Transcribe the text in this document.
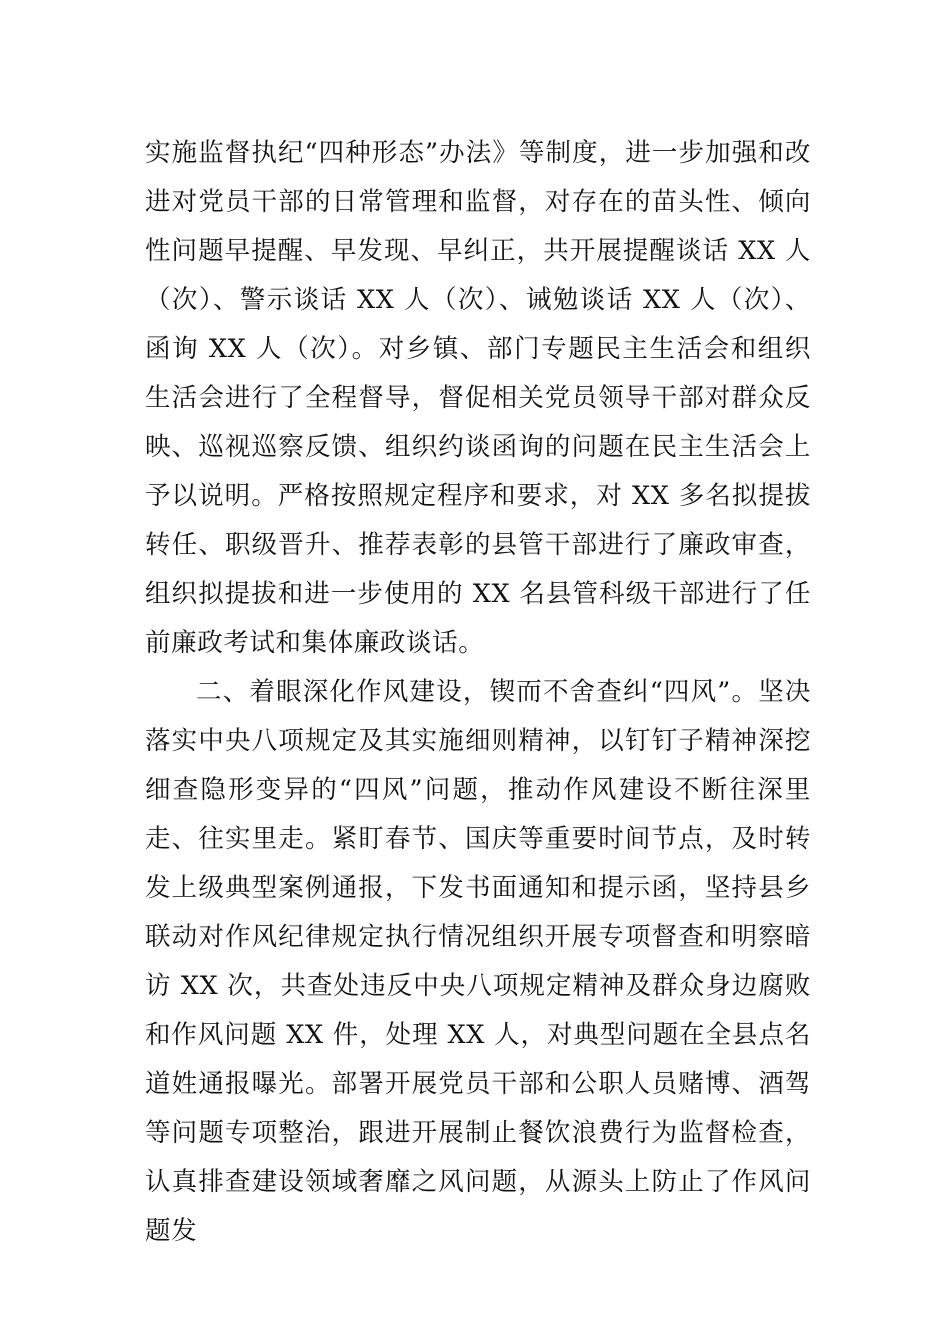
实施监督执纪“四种形态”办法》等制度，进一步加强和改进对党员干部的日常管理和监督，对存在的苗头性、倾向性问题早提醒、早发现、早纠正，共开展提醒谈话 XX 人（次）、警示谈话 XX 人（次）、诫勉谈话 XX 人（次）、函询 XX 人（次）。对乡镇、部门专题民主生活会和组织生活会进行了全程督导，督促相关党员领导干部对群众反映、巡视巡察反馈、组织约谈函询的问题在民主生活会上予以说明。严格按照规定程序和要求，对 XX 多名拟提拔转任、职级晋升、推荐表彰的县管干部进行了廉政审查，组织拟提拔和进一步使用的 XX 名县管科级干部进行了任前廉政考试和集体廉政谈话。

二、着眼深化作风建设，锲而不舍查纠“四风”。坚决落实中央八项规定及其实施细则精神，以钉钉子精神深挖细查隐形变异的“四风”问题，推动作风建设不断往深里走、往实里走。紧盯春节、国庆等重要时间节点，及时转发上级典型案例通报，下发书面通知和提示函，坚持县乡联动对作风纪律规定执行情况组织开展专项督查和明察暗访 XX 次，共查处违反中央八项规定精神及群众身边腐败和作风问题 XX 件，处理 XX 人，对典型问题在全县点名道姓通报曝光。部署开展党员干部和公职人员赌博、酒驾等问题专项整治，跟进开展制止餐饮浪费行为监督检查，认真排查建设领域奢靡之风问题，从源头上防止了作风问题发
